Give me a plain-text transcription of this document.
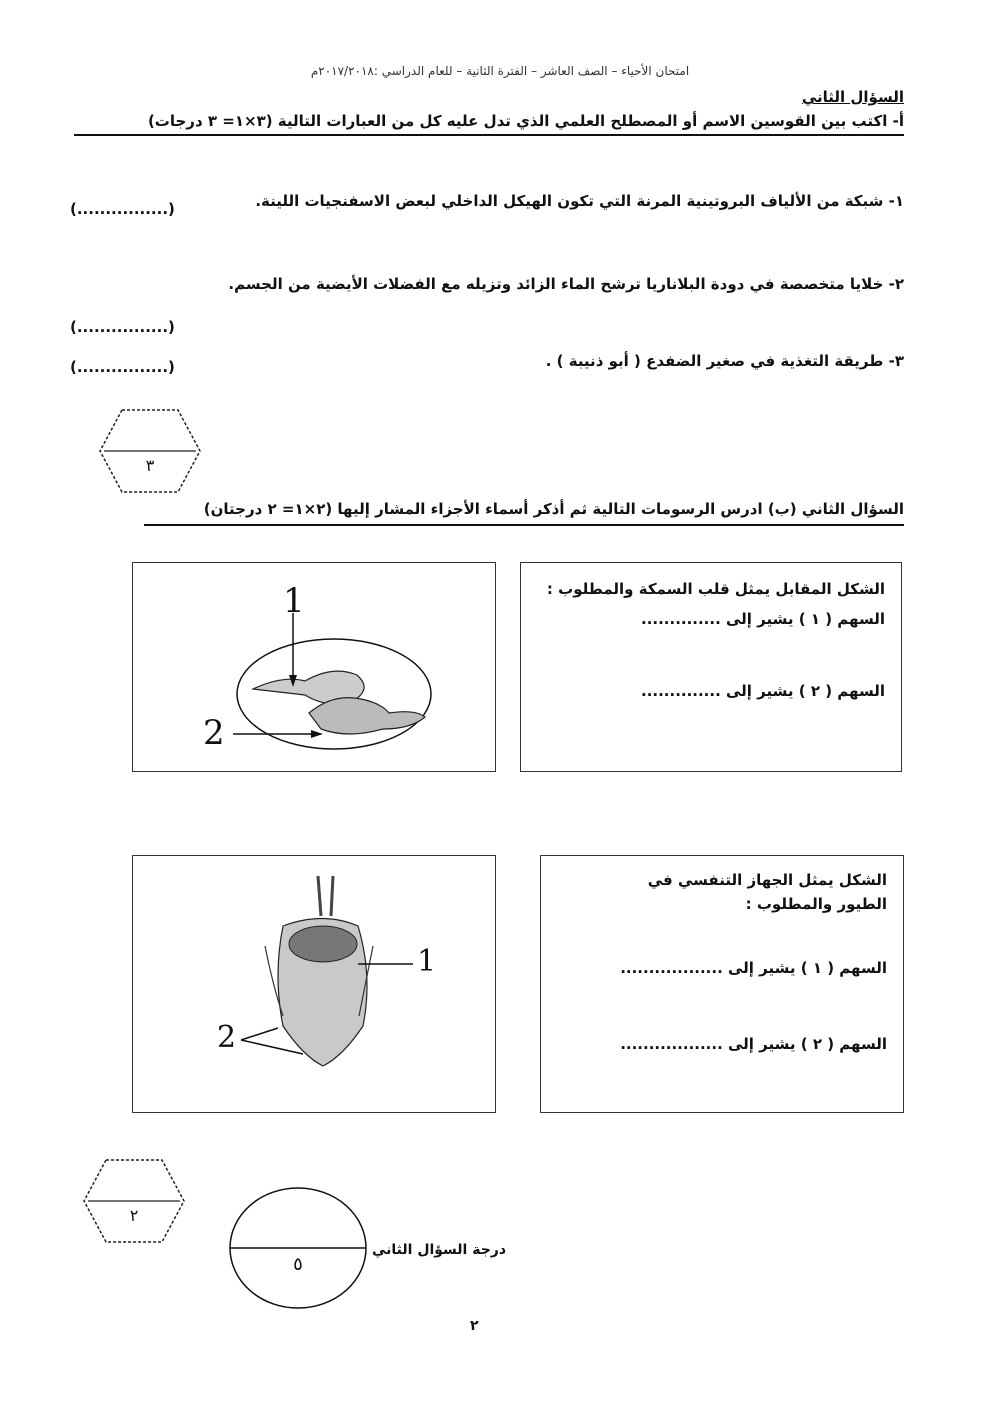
امتحان الأحياء – الصف العاشر – الفترة الثانية – للعام الدراسي :٢٠١٧/٢٠١٨م
السؤال الثاني
أ- اكتب بين القوسين الاسم أو المصطلح العلمي الذي تدل عليه كل من العبارات التالية (٣×١= ٣ درجات)
١- شبكة من الألياف البروتينية المرنة التي تكون الهيكل الداخلي لبعض الاسفنجيات اللينة.
(................)
٢- خلايا متخصصة في دودة البلاناريا ترشح الماء الزائد وتزيله مع الفضلات الأيضية من الجسم.
(................)
٣- طريقة التغذية في صغير الضفدع ( أبو ذنيبة ) .
(................)
٣
السؤال الثاني (ب) ادرس الرسومات التالية ثم أذكر أسماء الأجزاء المشار إليها (٢×١= ٢ درجتان)
1
2
الشكل المقابل يمثل قلب السمكة والمطلوب :
السهم ( ١ ) يشير إلى ..............
السهم ( ٢ ) يشير إلى ..............
1
2
الشكل يمثل الجهاز التنفسي في الطيور والمطلوب :
السهم ( ١ ) يشير إلى ..................
السهم ( ٢ ) يشير إلى ..................
٢
٥
درجة السؤال الثاني
٢
